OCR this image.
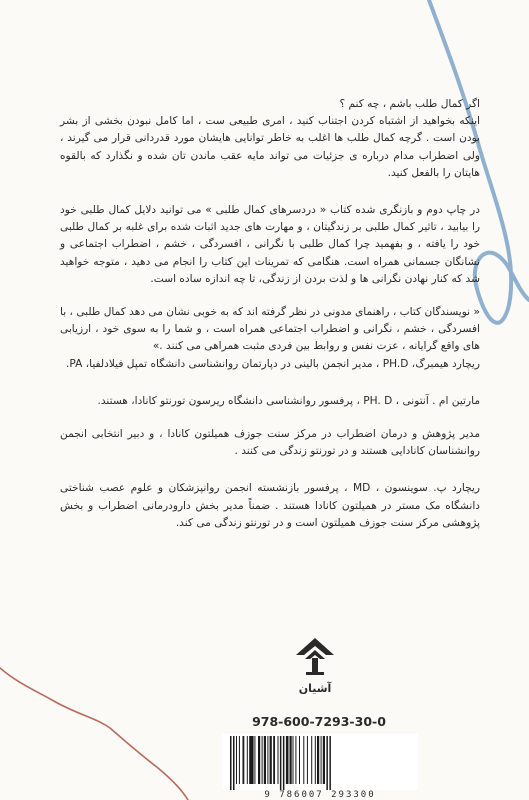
اگر کمال طلب باشم ، چه کنم ؟

اینکه بخواهید از اشتباه کردن اجتناب کنید ، امری طبیعی ست ، اما کامل نبودن بخشی از بشر بودن است . گرچه کمال طلب ها اغلب به خاطر توانایی هایشان مورد قدردانی قرار می گیرند ، ولی اضطراب مدام درباره ی جزئیات می تواند مایه عقب ماندن تان شده و نگذارد که بالقوه هایتان را بالفعل کنید.

در چاپ دوم و بازنگری شده کتاب « دردسرهای کمال طلبی » می توانید دلایل کمال طلبی خود را بیابید ، تاثیر کمال طلبی بر زندگیتان ، و مهارت های جدید اثبات شده برای غلبه بر کمال طلبی خود را یافته ، و بفهمید چرا کمال طلبی با نگرانی ، افسردگی ، خشم ، اضطراب اجتماعی و نشانگان جسمانی همراه است. هنگامی که تمرینات این کتاب را انجام می دهید ، متوجه خواهید شد که کنار نهادن نگرانی ها و لذت بردن از زندگی، تا چه اندازه ساده است.

« نویسندگان کتاب ، راهنمای مدونی در نظر گرفته اند که به خوبی نشان می دهد کمال طلبی ، با افسردگی ، خشم ، نگرانی و اضطراب اجتماعی همراه است ، و شما را به سوی خود ، ارزیابی های واقع گرایانه ، عزت نفس و روابط بین فردی مثبت همراهی می کنند .»

ریچارد هیمبرگ، PH.D ، مدیر انجمن بالینی در دپارتمان روانشناسی دانشگاه تمپل فیلادلفیا، PA.

مارتین ام . آنتونی ، PH. D ، پرفسور روانشناسی دانشگاه ریرسون تورنتو کانادا، هستند.

مدیر پژوهش و درمان اضطراب در مرکز سنت جوزف همیلتون کانادا ، و دبیر انتخابی انجمن روانشناسان کانادایی هستند و در تورنتو زندگی می کنند .

ریچارد پ. سوینسون ، MD ، پرفسور بازنشسته انجمن روانپزشکان و علوم عصب شناختی دانشگاه مک مستر در همیلتون کانادا هستند . ضمناً مدیر بخش دارودرمانی اضطراب و بخش پژوهشی مرکز سنت جوزف همیلتون است و در تورنتو زندگی می کند.

آشیان
978-600-7293-30-0
9 786007 293300
